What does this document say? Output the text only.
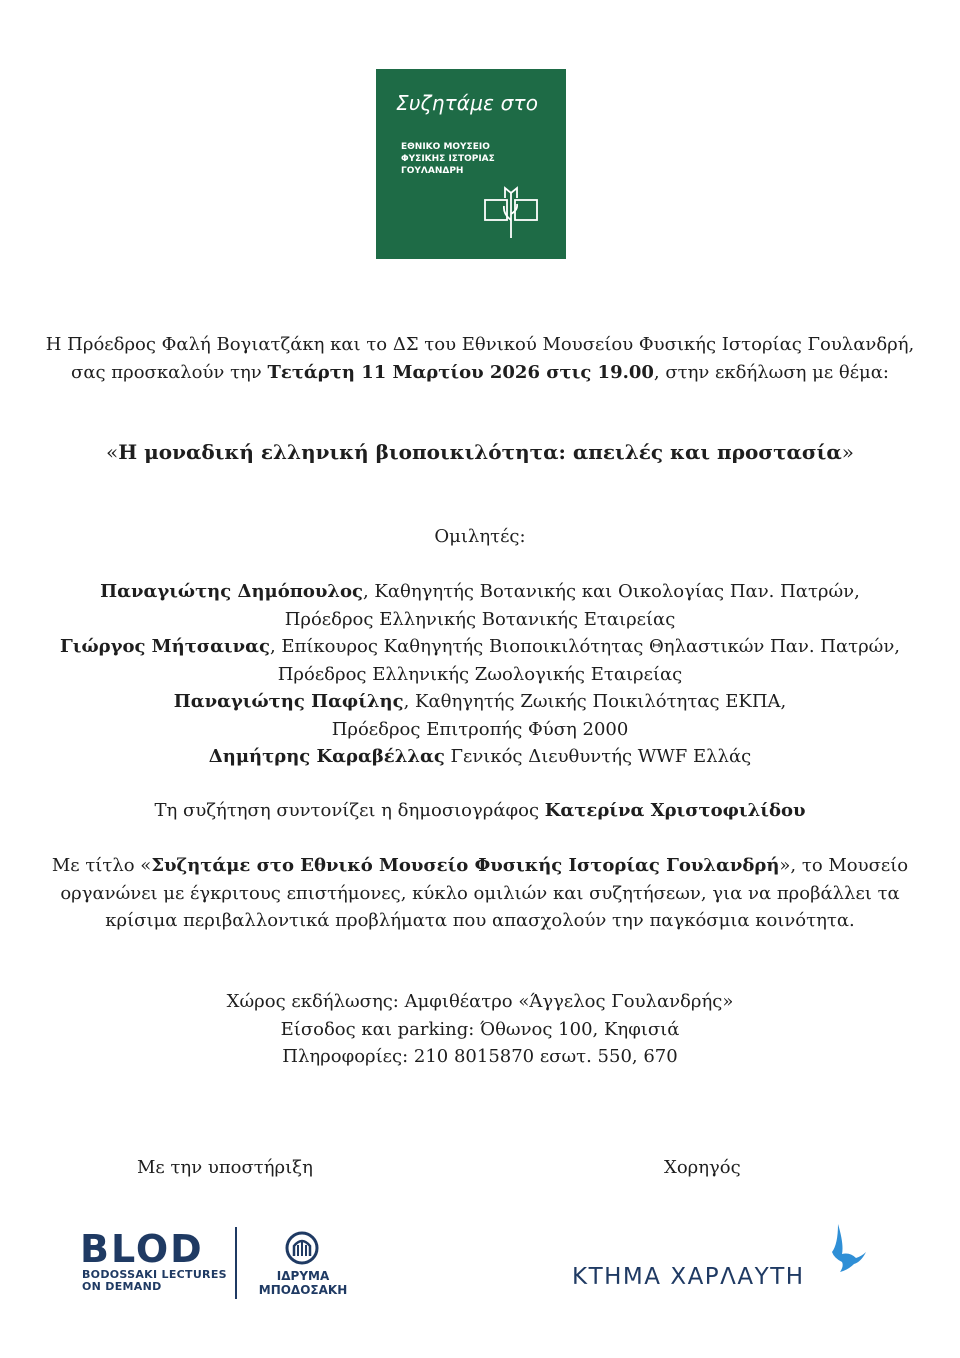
Συζητάμε στο
ΕΘΝΙΚΟ ΜΟΥΣΕΙΟ
ΦΥΣΙΚΗΣ ΙΣΤΟΡΙΑΣ
ΓΟΥΛΑΝΔΡΗ

Η Πρόεδρος Φαλή Βογιατζάκη και το ΔΣ του Εθνικού Μουσείου Φυσικής Ιστορίας Γουλανδρή,

σας προσκαλούν την Τετάρτη 11 Μαρτίου 2026 στις 19.00, στην εκδήλωση με θέμα:

«Η μοναδική ελληνική βιοποικιλότητα: απειλές και προστασία»

Ομιλητές:

Παναγιώτης Δημόπουλος, Καθηγητής Βοτανικής και Οικολογίας Παν. Πατρών,

Πρόεδρος Ελληνικής Βοτανικής Εταιρείας

Γιώργος Μήτσαινας, Επίκουρος Καθηγητής Βιοποικιλότητας Θηλαστικών Παν. Πατρών,

Πρόεδρος Ελληνικής Ζωολογικής Εταιρείας

Παναγιώτης Παφίλης, Καθηγητής Ζωικής Ποικιλότητας ΕΚΠΑ,

Πρόεδρος Επιτροπής Φύση 2000

Δημήτρης Καραβέλλας Γενικός Διευθυντής WWF Ελλάς

Τη συζήτηση συντονίζει η δημοσιογράφος Κατερίνα Χριστοφιλίδου

Με τίτλο «Συζητάμε στο Εθνικό Μουσείο Φυσικής Ιστορίας Γουλανδρή», το Μουσείο

οργανώνει με έγκριτους επιστήμονες, κύκλο ομιλιών και συζητήσεων, για να προβάλλει τα

κρίσιμα περιβαλλοντικά προβλήματα που απασχολούν την παγκόσμια κοινότητα.

Χώρος εκδήλωσης: Αμφιθέατρο «Άγγελος Γουλανδρής»

Είσοδος και parking: Όθωνος 100, Κηφισιά

Πληροφορίες: 210 8015870 εσωτ. 550, 670

Με την υποστήριξη	Χορηγός
BLOD
BODOSSAKI LECTURES
ON DEMAND
ΙΔΡΥΜΑ
ΜΠΟΔΟΣΑΚΗ	ΚΤΗΜΑ ΧΑΡΛΑΥΤΗ
